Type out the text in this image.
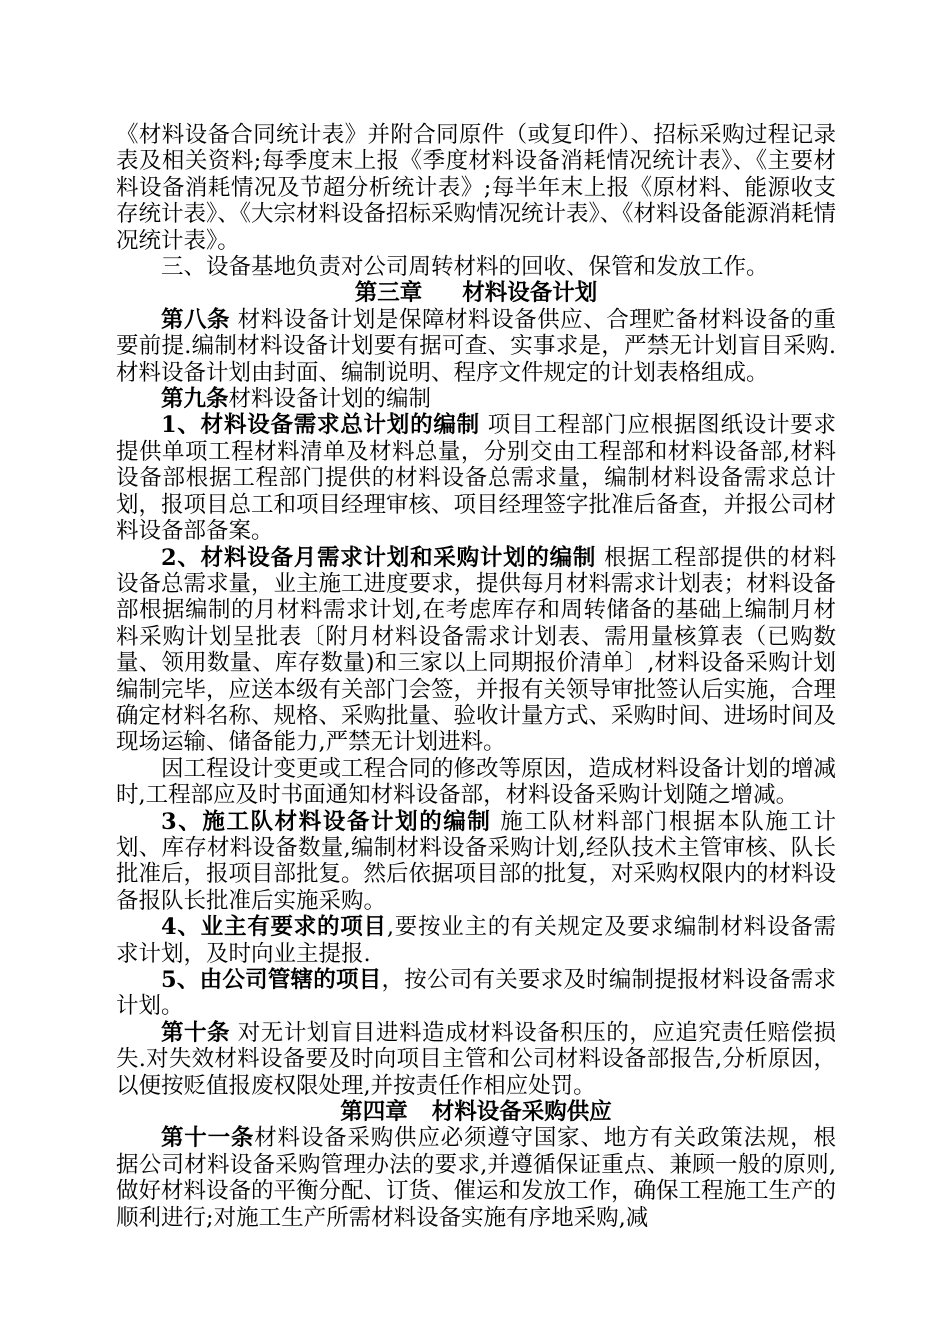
《材料设备合同统计表》并附合同原件（或复印件）、招标采购过程记录表及相关资料;每季度末上报《季度材料设备消耗情况统计表》、《主要材料设备消耗情况及节超分析统计表》;每半年末上报《原材料、能源收支存统计表》、《大宗材料设备招标采购情况统计表》、《材料设备能源消耗情况统计表》。

三、设备基地负责对公司周转材料的回收、保管和发放工作。

第三章 材料设备计划

第八条 材料设备计划是保障材料设备供应、合理贮备材料设备的重要前提.编制材料设备计划要有据可查、实事求是，严禁无计划盲目采购.材料设备计划由封面、编制说明、程序文件规定的计划表格组成。

第九条材料设备计划的编制

1、材料设备需求总计划的编制 项目工程部门应根据图纸设计要求提供单项工程材料清单及材料总量，分别交由工程部和材料设备部,材料设备部根据工程部门提供的材料设备总需求量，编制材料设备需求总计划，报项目总工和项目经理审核、项目经理签字批准后备查，并报公司材料设备部备案。

2、材料设备月需求计划和采购计划的编制 根据工程部提供的材料设备总需求量，业主施工进度要求，提供每月材料需求计划表；材料设备部根据编制的月材料需求计划,在考虑库存和周转储备的基础上编制月材料采购计划呈批表〔附月材料设备需求计划表、需用量核算表（已购数量、领用数量、库存数量)和三家以上同期报价清单〕,材料设备采购计划编制完毕，应送本级有关部门会签，并报有关领导审批签认后实施，合理确定材料名称、规格、采购批量、验收计量方式、采购时间、进场时间及现场运输、储备能力,严禁无计划进料。

因工程设计变更或工程合同的修改等原因，造成材料设备计划的增减时,工程部应及时书面通知材料设备部，材料设备采购计划随之增减。

3、施工队材料设备计划的编制 施工队材料部门根据本队施工计划、库存材料设备数量,编制材料设备采购计划,经队技术主管审核、队长批准后，报项目部批复。然后依据项目部的批复，对采购权限内的材料设备报队长批准后实施采购。

4、业主有要求的项目,要按业主的有关规定及要求编制材料设备需求计划，及时向业主提报.

5、由公司管辖的项目，按公司有关要求及时编制提报材料设备需求计划。

第十条 对无计划盲目进料造成材料设备积压的，应追究责任赔偿损失.对失效材料设备要及时向项目主管和公司材料设备部报告,分析原因，以便按贬值报废权限处理,并按责任作相应处罚。

第四章 材料设备采购供应

第十一条材料设备采购供应必须遵守国家、地方有关政策法规，根据公司材料设备采购管理办法的要求,并遵循保证重点、兼顾一般的原则,做好材料设备的平衡分配、订货、催运和发放工作，确保工程施工生产的顺利进行;对施工生产所需材料设备实施有序地采购,减
